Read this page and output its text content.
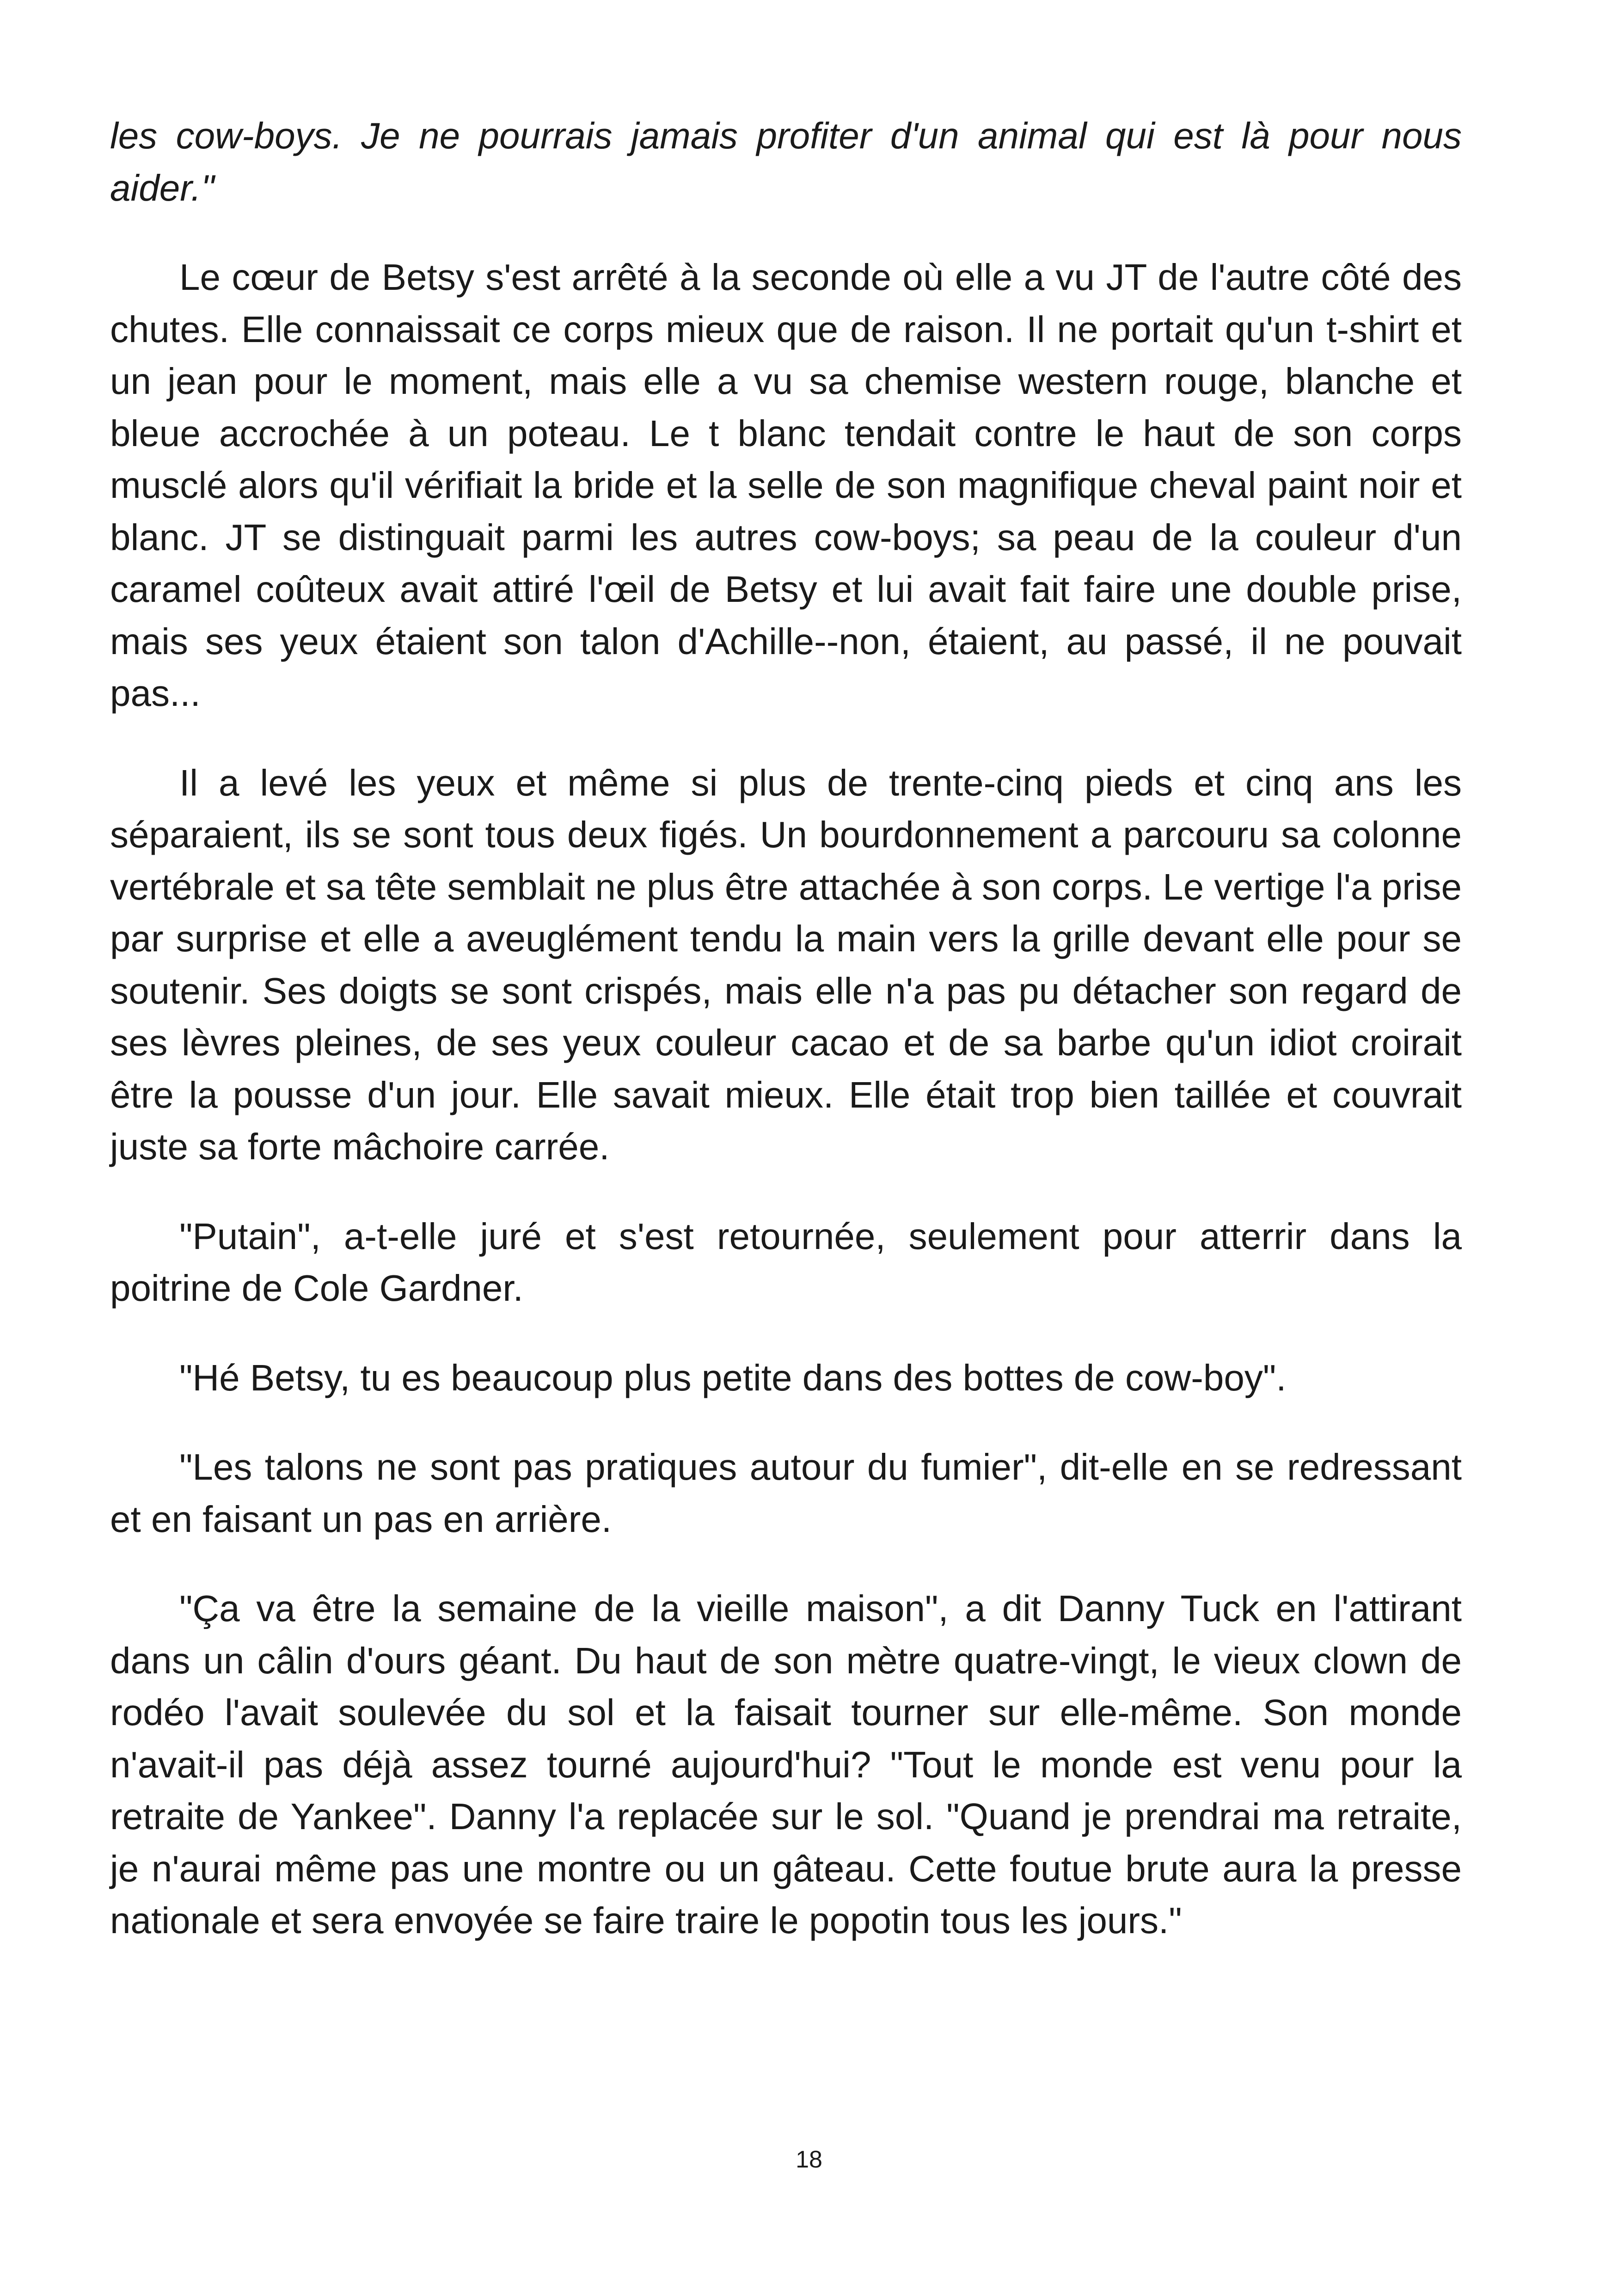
les cow-boys. Je ne pourrais jamais profiter d'un animal qui est là pour nous aider."

Le cœur de Betsy s'est arrêté à la seconde où elle a vu JT de l'autre côté des chutes. Elle connaissait ce corps mieux que de raison. Il ne portait qu'un t-shirt et un jean pour le moment, mais elle a vu sa chemise western rouge, blanche et bleue accrochée à un poteau. Le t blanc tendait contre le haut de son corps musclé alors qu'il vérifiait la bride et la selle de son magnifique cheval paint noir et blanc. JT se distinguait parmi les autres cow-boys; sa peau de la couleur d'un caramel coûteux avait attiré l'œil de Betsy et lui avait fait faire une double prise, mais ses yeux étaient son talon d'Achille--non, étaient, au passé, il ne pouvait pas...

Il a levé les yeux et même si plus de trente-cinq pieds et cinq ans les séparaient, ils se sont tous deux figés. Un bourdonnement a parcouru sa colonne vertébrale et sa tête semblait ne plus être attachée à son corps. Le vertige l'a prise par surprise et elle a aveuglément tendu la main vers la grille devant elle pour se soutenir. Ses doigts se sont crispés, mais elle n'a pas pu détacher son regard de ses lèvres pleines, de ses yeux couleur cacao et de sa barbe qu'un idiot croirait être la pousse d'un jour. Elle savait mieux. Elle était trop bien taillée et couvrait juste sa forte mâchoire carrée.

"Putain", a-t-elle juré et s'est retournée, seulement pour atterrir dans la poitrine de Cole Gardner.

"Hé Betsy, tu es beaucoup plus petite dans des bottes de cow-boy".

"Les talons ne sont pas pratiques autour du fumier", dit-elle en se redressant et en faisant un pas en arrière.

"Ça va être la semaine de la vieille maison", a dit Danny Tuck en l'attirant dans un câlin d'ours géant. Du haut de son mètre quatre-vingt, le vieux clown de rodéo l'avait soulevée du sol et la faisait tourner sur elle-même. Son monde n'avait-il pas déjà assez tourné aujourd'hui? "Tout le monde est venu pour la retraite de Yankee". Danny l'a replacée sur le sol. "Quand je prendrai ma retraite, je n'aurai même pas une montre ou un gâteau. Cette foutue brute aura la presse nationale et sera envoyée se faire traire le popotin tous les jours."

18
